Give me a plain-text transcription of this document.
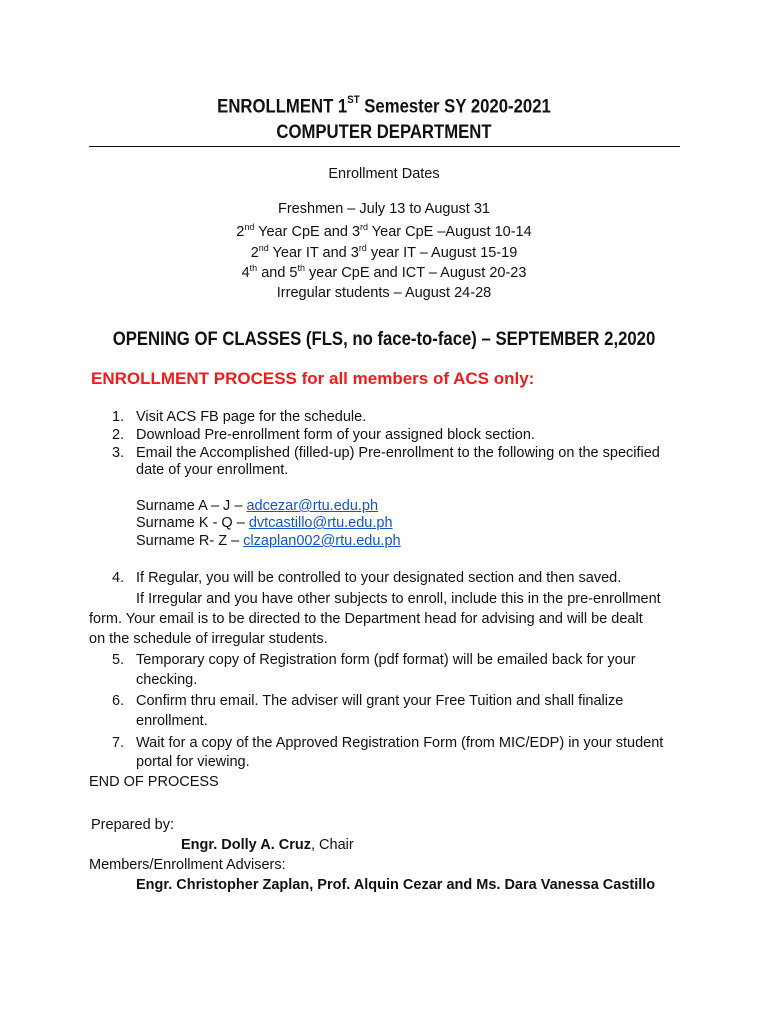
ENROLLMENT 1ST Semester SY 2020-2021
COMPUTER DEPARTMENT
Enrollment Dates
Freshmen – July 13 to August 31
2nd Year CpE and 3rd Year CpE –August 10-14
2nd Year IT and 3rd year IT – August 15-19
4th and 5th year CpE and ICT – August 20-23
Irregular students – August 24-28
OPENING OF CLASSES (FLS, no face-to-face) – SEPTEMBER 2,2020
ENROLLMENT PROCESS for all members of ACS only:
1. Visit ACS FB page for the schedule.
2. Download Pre-enrollment form of your assigned block section.
3. Email the Accomplished (filled-up) Pre-enrollment to the following on the specified
date of your enrollment.
Surname A – J – adcezar@rtu.edu.ph
Surname K - Q – dvtcastillo@rtu.edu.ph
Surname R- Z – clzaplan002@rtu.edu.ph
4. If Regular, you will be controlled to your designated section and then saved.
If Irregular and you have other subjects to enroll, include this in the pre-enrollment
form. Your email is to be directed to the Department head for advising and will be dealt
on the schedule of irregular students.
5. Temporary copy of Registration form (pdf format) will be emailed back for your
checking.
6. Confirm thru email. The adviser will grant your Free Tuition and shall finalize
enrollment.
7. Wait for a copy of the Approved Registration Form (from MIC/EDP) in your student
portal for viewing.
END OF PROCESS
Prepared by:
Engr. Dolly A. Cruz, Chair
Members/Enrollment Advisers:
Engr. Christopher Zaplan, Prof. Alquin Cezar and Ms. Dara Vanessa Castillo
